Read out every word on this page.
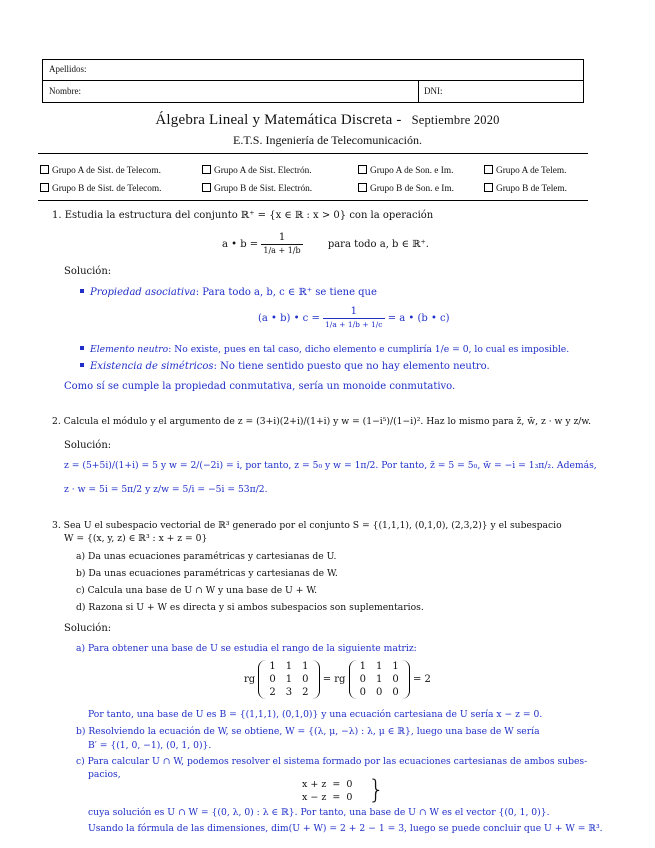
Apellidos:
Nombre:	DNI:
Álgebra Lineal y Matemática Discreta - Septiembre 2020
E.T.S. Ingeniería de Telecomunicación.
Grupo A de Sist. de Telecom.	Grupo A de Sist. Electrón.	Grupo A de Son. e Im.	Grupo A de Telem.
Grupo B de Sist. de Telecom.	Grupo B de Sist. Electrón.	Grupo B de Son. e Im.	Grupo B de Telem.
1. Estudia la estructura del conjunto ℝ⁺ = {x ∈ ℝ : x > 0} con la operación
a • $b = \frac{1}{1/a + 1/b}$	para todo a, b ∈ ℝ⁺.
Solución:
Propiedad asociativa: Para todo a, b, c ∈ ℝ⁺ se tiene que
(a • b) • $c = \frac{1}{1/a + 1/b + 1/c} = a$ • (b • c)
Elemento neutro: No existe, pues en tal caso, dicho elemento e cumpliría 1/e = 0, lo cual es imposible.
Existencia de simétricos: No tiene sentido puesto que no hay elemento neutro.
Como sí se cumple la propiedad conmutativa, sería un monoide conmutativo.
2. Calcula el módulo y el argumento de z = (3+i)(2+i)/(1+i) y w = (1−i⁵)/(1−i)². Haz lo mismo para z̄, w̄, z · w y z/w.
Solución:
z = (5+5i)/(1+i) = 5 y w = 2/(−2i) = i, por tanto, z = 5₀ y w = 1π/2. Por tanto, z̄ = 5 = 5₀, w̄ = −i = 1₃π/₂. Además,
z · w = 5i = 5π/2 y z/w = 5/i = −5i = 53π/2.
3. Sea U el subespacio vectorial de ℝ³ generado por el conjunto S = {(1,1,1), (0,1,0), (2,3,2)} y el subespacio
W = {(x, y, z) ∈ ℝ³ : x + z = 0}
a) Da unas ecuaciones paramétricas y cartesianas de U.
b) Da unas ecuaciones paramétricas y cartesianas de W.
c) Calcula una base de U ∩ W y una base de U + W.
d) Razona si U + W es directa y si ambos subespacios son suplementarios.
Solución:
a) Para obtener una base de U se estudia el rango de la siguiente matriz:
rg
1	1	1
0	1	0
2	3	2
= rg
1	1	1
0	1	0
0	0	0
= 2
Por tanto, una base de U es B = {(1,1,1), (0,1,0)} y una ecuación cartesiana de U sería x − z = 0.
b) Resolviendo la ecuación de W, se obtiene, W = {(λ, μ, −λ) : λ, μ ∈ ℝ}, luego una base de W sería
B′ = {(1, 0, −1), (0, 1, 0)}.
c) Para calcular U ∩ W, podemos resolver el sistema formado por las ecuaciones cartesianas de ambos subes-
pacios,
x + z  =  0
x − z  =  0 }
cuya solución es U ∩ W = {(0, λ, 0) : λ ∈ ℝ}. Por tanto, una base de U ∩ W es el vector {(0, 1, 0)}.
Usando la fórmula de las dimensiones, dim(U + W) = 2 + 2 − 1 = 3, luego se puede concluir que U + W = ℝ³.
